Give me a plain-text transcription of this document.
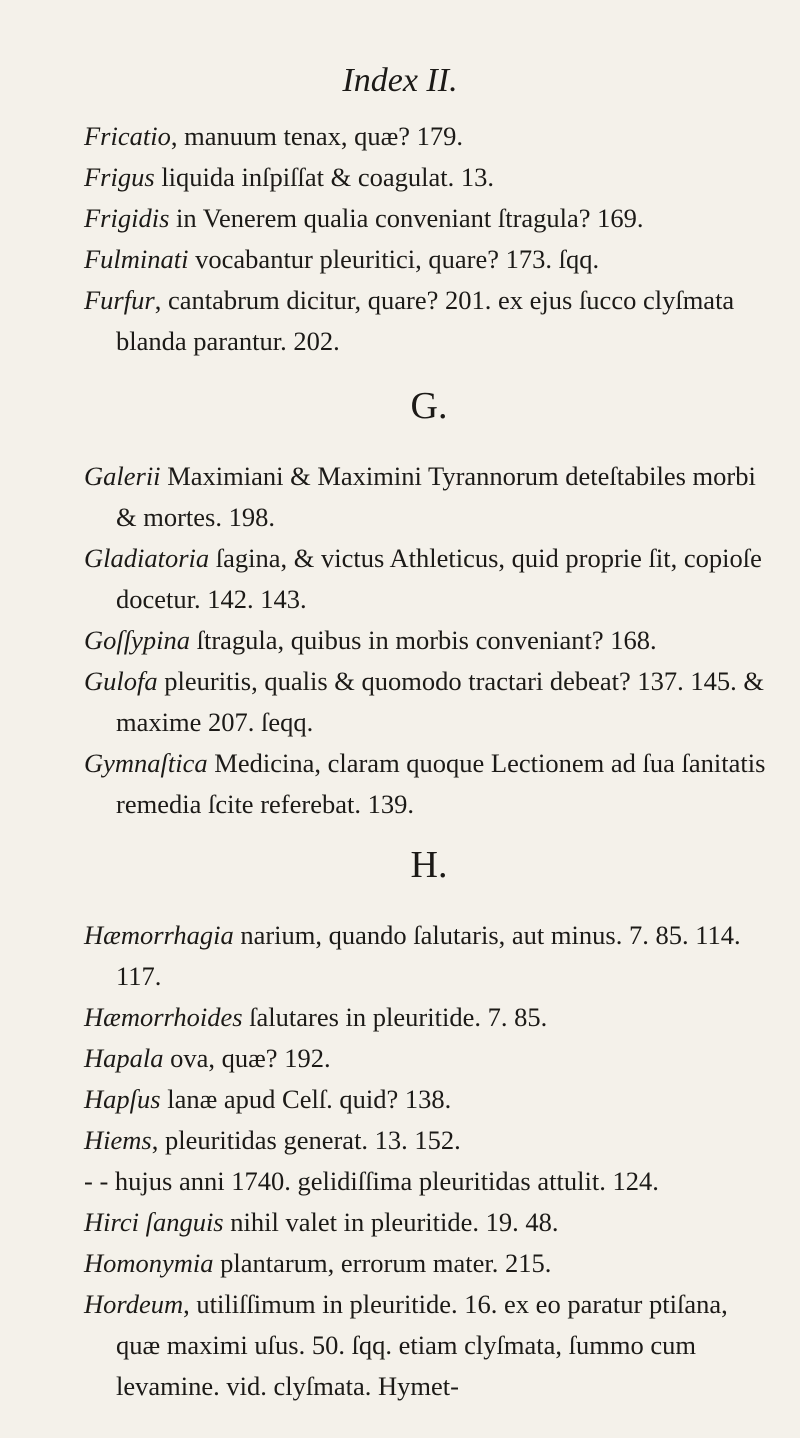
Index II.
Fricatio, manuum tenax, quæ? 179.
Frigus liquida inſpiſſat & coagulat. 13.
Frigidis in Venerem qualia conveniant ſtragula? 169.
Fulminati vocabantur pleuritici, quare? 173. ſqq.
Furfur, cantabrum dicitur, quare? 201. ex ejus ſucco clyſmata blanda parantur. 202.
G.
Galerii Maximiani & Maximini Tyrannorum deteſtabiles morbi & mortes. 198.
Gladiatoria ſagina, & victus Athleticus, quid proprie ſit, copioſe docetur. 142. 143.
Goſſypina ſtragula, quibus in morbis conveniant? 168.
Gulofa pleuritis, qualis & quomodo tractari debeat? 137. 145. & maxime 207. ſeqq.
Gymnaſtica Medicina, claram quoque Lectionem ad ſua ſanitatis remedia ſcite referebat. 139.
H.
Hæmorrhagia narium, quando ſalutaris, aut minus. 7. 85. 114. 117.
Hæmorrhoides ſalutares in pleuritide. 7. 85.
Hapala ova, quæ? 192.
Hapſus lanæ apud Celſ. quid? 138.
Hiems, pleuritidas generat. 13. 152.
- - hujus anni 1740. gelidiſſima pleuritidas attulit. 124.
Hirci ſanguis nihil valet in pleuritide. 19. 48.
Homonymia plantarum, errorum mater. 215.
Hordeum, utiliſſimum in pleuritide. 16. ex eo paratur ptiſana, quæ maximi uſus. 50. ſqq. etiam clyſmata, ſummo cum levamine. vid. clyſmata. Hymet-
